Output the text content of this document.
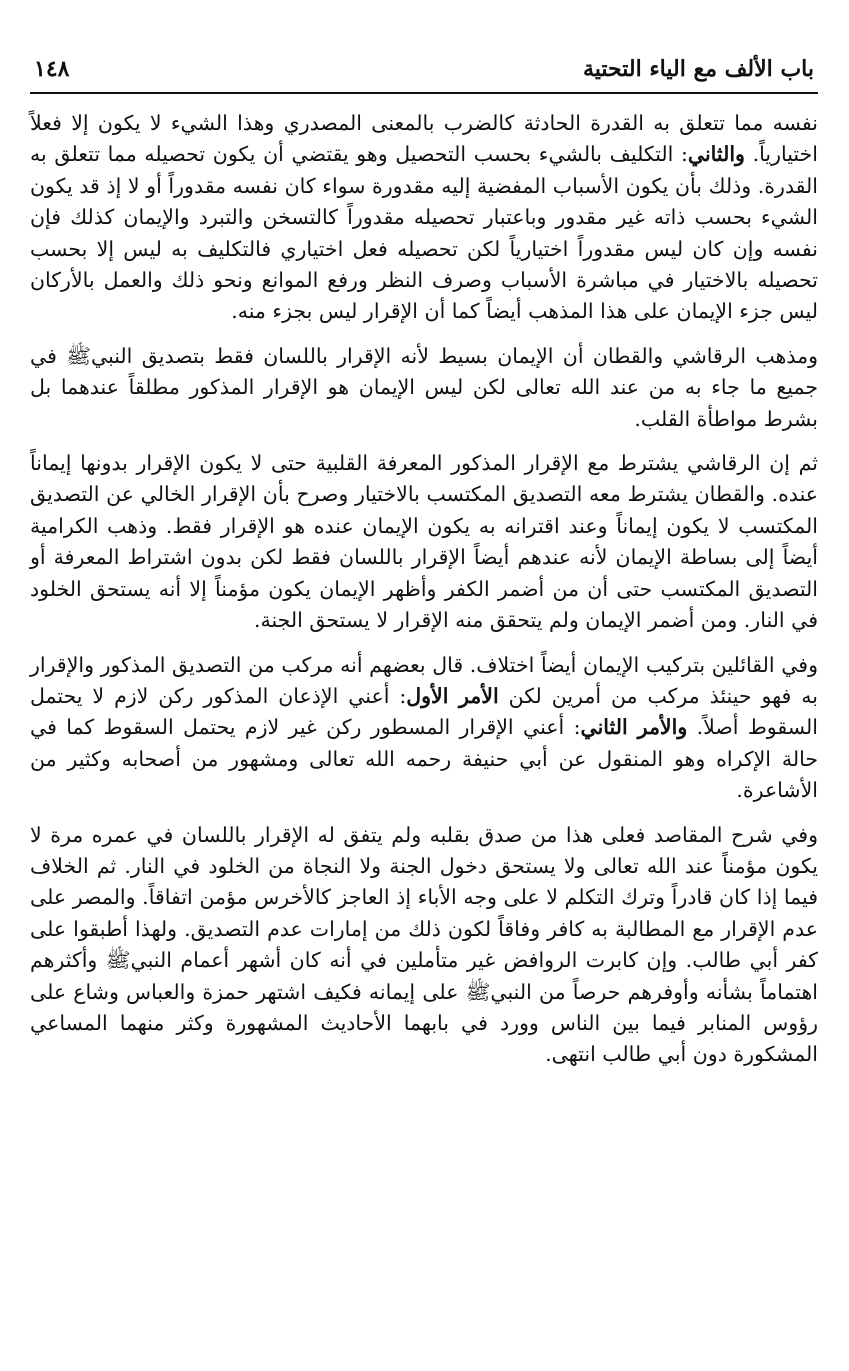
باب الألف مع الياء التحتية
١٤٨

نفسه مما تتعلق به القدرة الحادثة كالضرب بالمعنى المصدري وهذا الشيء لا يكون إلا فعلاً اختيارياً. والثاني: التكليف بالشيء بحسب التحصيل وهو يقتضي أن يكون تحصيله مما تتعلق به القدرة. وذلك بأن يكون الأسباب المفضية إليه مقدورة سواء كان نفسه مقدوراً أو لا إذ قد يكون الشيء بحسب ذاته غير مقدور وباعتبار تحصيله مقدوراً كالتسخن والتبرد والإيمان كذلك فإن نفسه وإن كان ليس مقدوراً اختيارياً لكن تحصيله فعل اختياري فالتكليف به ليس إلا بحسب تحصيله بالاختيار في مباشرة الأسباب وصرف النظر ورفع الموانع ونحو ذلك والعمل بالأركان ليس جزء الإيمان على هذا المذهب أيضاً كما أن الإقرار ليس بجزء منه.

ومذهب الرقاشي والقطان أن الإيمان بسيط لأنه الإقرار باللسان فقط بتصديق النبيﷺ في جميع ما جاء به من عند الله تعالى لكن ليس الإيمان هو الإقرار المذكور مطلقاً عندهما بل بشرط مواطأة القلب.

ثم إن الرقاشي يشترط مع الإقرار المذكور المعرفة القلبية حتى لا يكون الإقرار بدونها إيماناً عنده. والقطان يشترط معه التصديق المكتسب بالاختيار وصرح بأن الإقرار الخالي عن التصديق المكتسب لا يكون إيماناً وعند اقترانه به يكون الإيمان عنده هو الإقرار فقط. وذهب الكرامية أيضاً إلى بساطة الإيمان لأنه عندهم أيضاً الإقرار باللسان فقط لكن بدون اشتراط المعرفة أو التصديق المكتسب حتى أن من أضمر الكفر وأظهر الإيمان يكون مؤمناً إلا أنه يستحق الخلود في النار. ومن أضمر الإيمان ولم يتحقق منه الإقرار لا يستحق الجنة.

وفي القائلين بتركيب الإيمان أيضاً اختلاف. قال بعضهم أنه مركب من التصديق المذكور والإقرار به فهو حينئذ مركب من أمرين لكن الأمر الأول: أعني الإذعان المذكور ركن لازم لا يحتمل السقوط أصلاً. والأمر الثاني: أعني الإقرار المسطور ركن غير لازم يحتمل السقوط كما في حالة الإكراه وهو المنقول عن أبي حنيفة رحمه الله تعالى ومشهور من أصحابه وكثير من الأشاعرة.

وفي شرح المقاصد فعلى هذا من صدق بقلبه ولم يتفق له الإقرار باللسان في عمره مرة لا يكون مؤمناً عند الله تعالى ولا يستحق دخول الجنة ولا النجاة من الخلود في النار. ثم الخلاف فيما إذا كان قادراً وترك التكلم لا على وجه الأباء إذ العاجز كالأخرس مؤمن اتفاقاً. والمصر على عدم الإقرار مع المطالبة به كافر وفاقاً لكون ذلك من إمارات عدم التصديق. ولهذا أطبقوا على كفر أبي طالب. وإن كابرت الروافض غير متأملين في أنه كان أشهر أعمام النبيﷺ وأكثرهم اهتماماً بشأنه وأوفرهم حرصاً من النبيﷺ على إيمانه فكيف اشتهر حمزة والعباس وشاع على رؤوس المنابر فيما بين الناس وورد في بابهما الأحاديث المشهورة وكثر منهما المساعي المشكورة دون أبي طالب انتهى.
